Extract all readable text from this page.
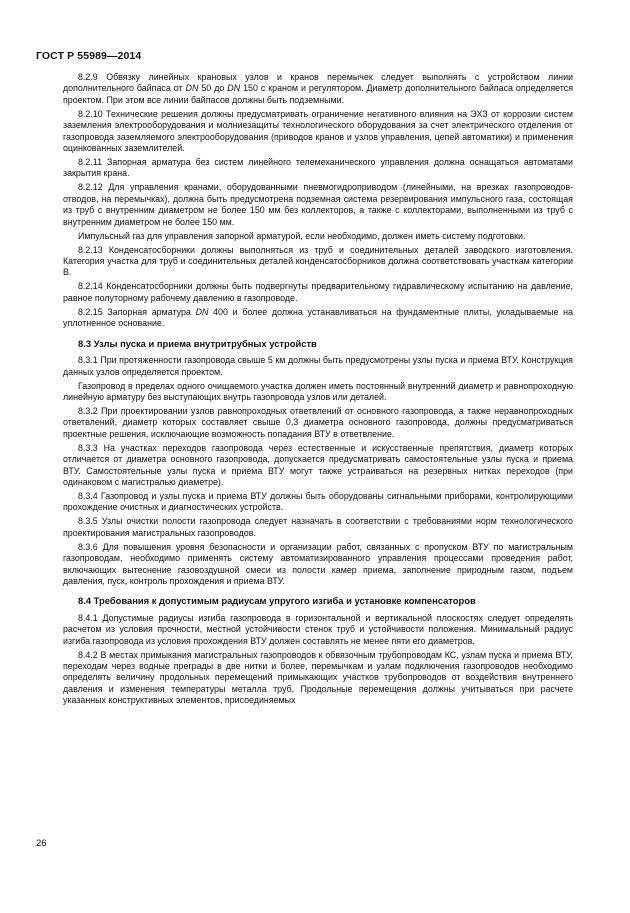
ГОСТ Р 55989—2014

8.2.9 Обвязку линейных крановых узлов и кранов перемычек следует выполнять с устройством линии дополнительного байпаса от DN 50 до DN 150 с краном и регулятором. Диаметр дополнительного байпаса определяется проектом. При этом все линии байпасов должны быть подземными.

8.2.10 Технические решения должны предусматривать ограничение негативного влияния на ЭХЗ от коррозии систем заземления электрооборудования и молниезащиты технологического оборудования за счет электрического отделения от газопровода заземляемого электрооборудования (приводов кранов и узлов управления, цепей автоматики) и применения оцинкованных заземлителей.

8.2.11 Запорная арматура без систем линейного телемеханического управления должна оснащаться автоматами закрытия крана.

8.2.12 Для управления кранами, оборудованными пневмогидроприводом (линейными, на врезках газопроводов-отводов, на перемычках), должна быть предусмотрена подземная система резервирования импульсного газа, состоящая из труб с внутренним диаметром не более 150 мм без коллекторов, а также с коллекторами, выполненными из труб с внутренним диаметром не более 150 мм.

Импульсный газ для управления запорной арматурой, если необходимо, должен иметь систему подготовки.

8.2.13 Конденсатосборники должны выполняться из труб и соединительных деталей заводского изготовления. Категория участка для труб и соединительных деталей конденсатосборников должна соответствовать участкам категории В.

8.2.14 Конденсатосборники должны быть подвергнуты предварительному гидравлическому испытанию на давление, равное полуторному рабочему давлению в газопроводе.

8.2.15 Запорная арматура DN 400 и более должна устанавливаться на фундаментные плиты, укладываемые на уплотненное основание.

8.3 Узлы пуска и приема внутритрубных устройств

8.3.1 При протяженности газопровода свыше 5 км должны быть предусмотрены узлы пуска и приема ВТУ. Конструкция данных узлов определяется проектом.

Газопровод в пределах одного очищаемого участка должен иметь постоянный внутренний диаметр и равнопроходную линейную арматуру без выступающих внутрь газопровода узлов или деталей.

8.3.2 При проектировании узлов равнопроходных ответвлений от основного газопровода, а также неравнопроходных ответвлений, диаметр которых составляет свыше 0,3 диаметра основного газопровода, должны предусматриваться проектные решения, исключающие возможность попадания ВТУ в ответвление.

8.3.3 На участках переходов газопровода через естественные и искусственные препятствия, диаметр которых отличается от диаметра основного газопровода, допускается предусматривать самостоятельные узлы пуска и приема ВТУ. Самостоятельные узлы пуска и приема ВТУ могут также устраиваться на резервных нитках переходов (при одинаковом с магистралью диаметре).

8.3.4 Газопровод и узлы пуска и приема ВТУ должны быть оборудованы сигнальными приборами, контролирующими прохождение очистных и диагностических устройств.

8.3.5 Узлы очистки полости газопровода следует назначать в соответствии с требованиями норм технологического проектирования магистральных газопроводов.

8.3.6 Для повышения уровня безопасности и организации работ, связанных с пропуском ВТУ по магистральным газопроводам, необходимо применять систему автоматизированного управления процессами проведения работ, включающих вытеснение газовоздушной смеси из полости камер приема, заполнение природным газом, подъем давления, пуск, контроль прохождения и приема ВТУ.

8.4 Требования к допустимым радиусам упругого изгиба и установке компенсаторов

8.4.1 Допустимые радиусы изгиба газопровода в горизонтальной и вертикальной плоскостях следует определять расчетом из условия прочности, местной устойчивости стенок труб и устойчивости положения. Минимальный радиус изгиба газопровода из условия прохождения ВТУ должен составлять не менее пяти его диаметров.

8.4.2 В местах примыкания магистральных газопроводов к обвязочным трубопроводам КС, узлам пуска и приема ВТУ, переходам через водные преграды в две нитки и более, перемычкам и узлам подключения газопроводов необходимо определять величину продольных перемещений примыкающих участков трубопроводов от воздействия внутреннего давления и изменения температуры металла труб. Продольные перемещения должны учитываться при расчете указанных конструктивных элементов, присоединяемых

26
